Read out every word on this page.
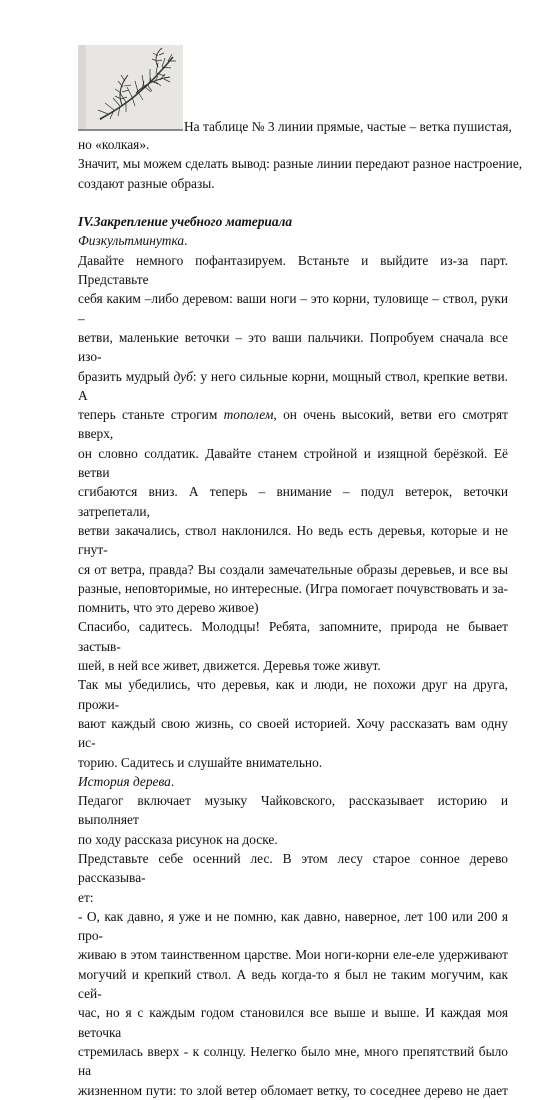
На таблице № 3 линии прямые, частые – ветка пушистая,
но «колкая».
Значит, мы можем сделать вывод: разные линии передают разное настроение,
создают разные образы.
IV.Закрепление учебного материала
Физкультминутка.
Давайте немного пофантазируем. Встаньте и выйдите из-за парт. Представьте
себя каким –либо деревом: ваши ноги – это корни, туловище – ствол, руки –
ветви, маленькие веточки – это ваши пальчики. Попробуем сначала все изо-
бразить мудрый дуб: у него сильные корни, мощный ствол, крепкие ветви. А
теперь станьте строгим тополем, он очень высокий, ветви его смотрят вверх,
он словно солдатик. Давайте станем стройной и изящной берёзкой. Её ветви
сгибаются вниз. А теперь – внимание – подул ветерок, веточки затрепетали,
ветви закачались, ствол наклонился. Но ведь есть деревья, которые и не гнут-
ся от ветра, правда? Вы создали замечательные образы деревьев, и все вы
разные, неповторимые, но интересные. (Игра помогает почувствовать и за-
помнить, что это дерево живое)
Спасибо, садитесь. Молодцы! Ребята, запомните, природа не бывает застыв-
шей, в ней все живет, движется. Деревья тоже живут.
Так мы убедились, что деревья, как и люди, не похожи друг на друга, прожи-
вают каждый свою жизнь, со своей историей. Хочу рассказать вам одну ис-
торию. Садитесь и слушайте внимательно.
История дерева.
Педагог включает музыку Чайковского, рассказывает историю и выполняет
по ходу рассказа рисунок на доске.
Представьте себе осенний лес. В этом лесу старое сонное дерево рассказыва-
ет:
- О, как давно, я уже и не помню, как давно, наверное, лет 100 или 200 я про-
живаю в этом таинственном царстве. Мои ноги-корни еле-еле удерживают
могучий и крепкий ствол. А ведь когда-то я был не таким могучим, как сей-
час, но я с каждым годом становился все выше и выше. И каждая моя веточка
стремилась вверх - к солнцу. Нелегко было мне, много препятствий было на
жизненном пути: то злой ветер обломает ветку, то соседнее дерево не дает
